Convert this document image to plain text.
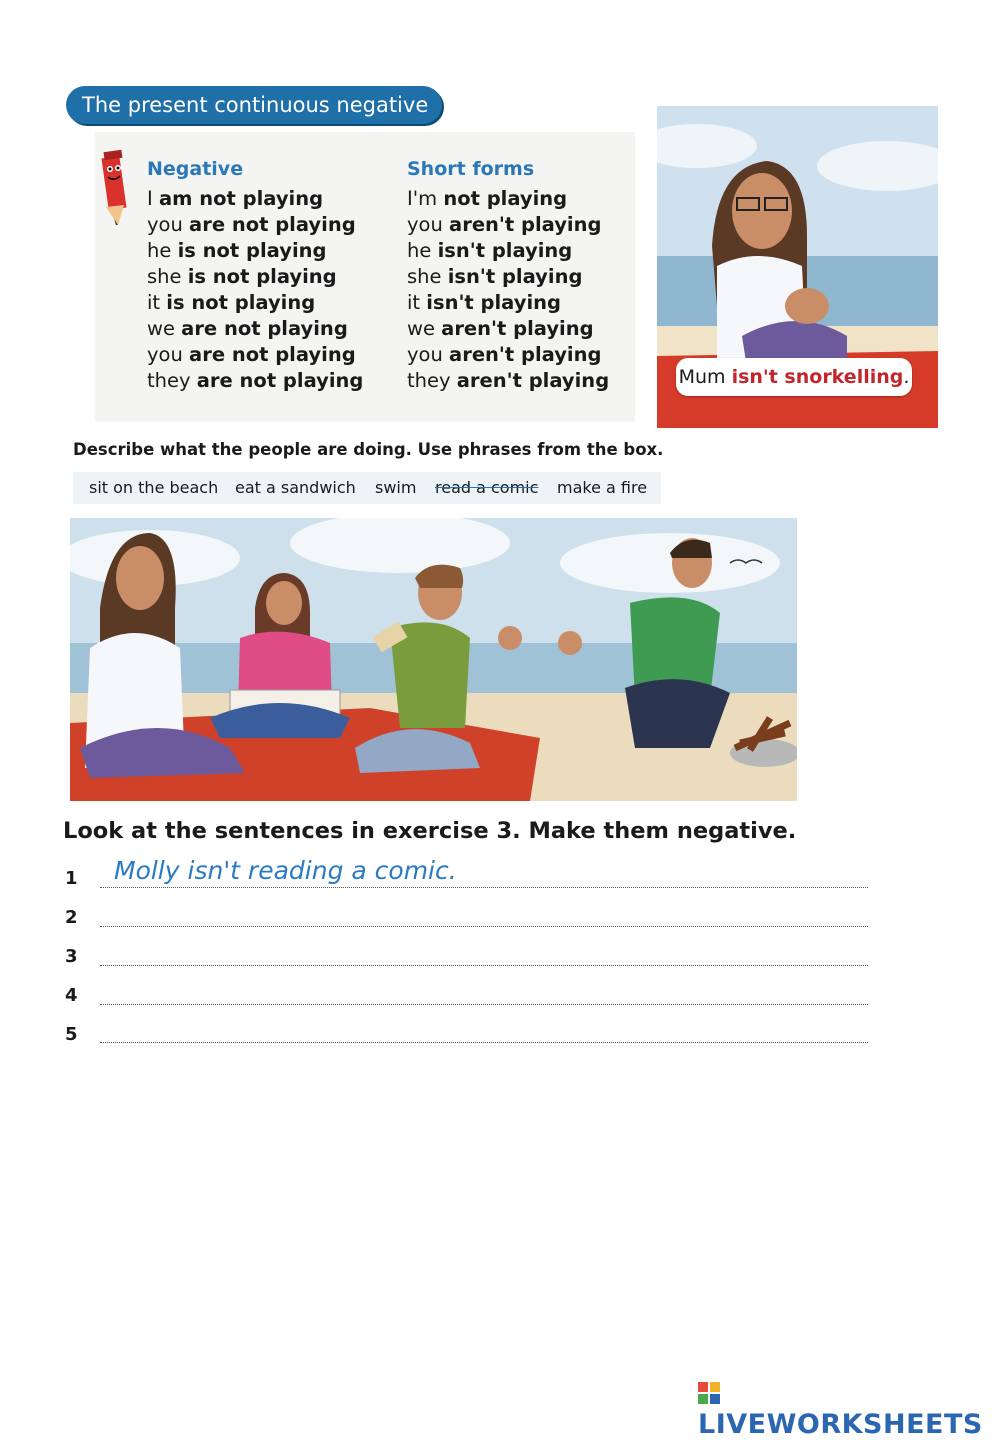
The present continuous negative
Negative
I am not playing
you are not playing
he is not playing
she is not playing
it is not playing
we are not playing
you are not playing
they are not playing
Short forms
I'm not playing
you aren't playing
he isn't playing
she isn't playing
it isn't playing
we aren't playing
you aren't playing
they aren't playing	Mum isn't snorkelling.
Describe what the people are doing. Use phrases from the box.
sit on the beach eat a sandwich swim read a comic make a fire
Look at the sentences in exercise 3. Make them negative.
1
2
3
4
5
Molly isn't reading a comic.
LIVEWORKSHEETS
